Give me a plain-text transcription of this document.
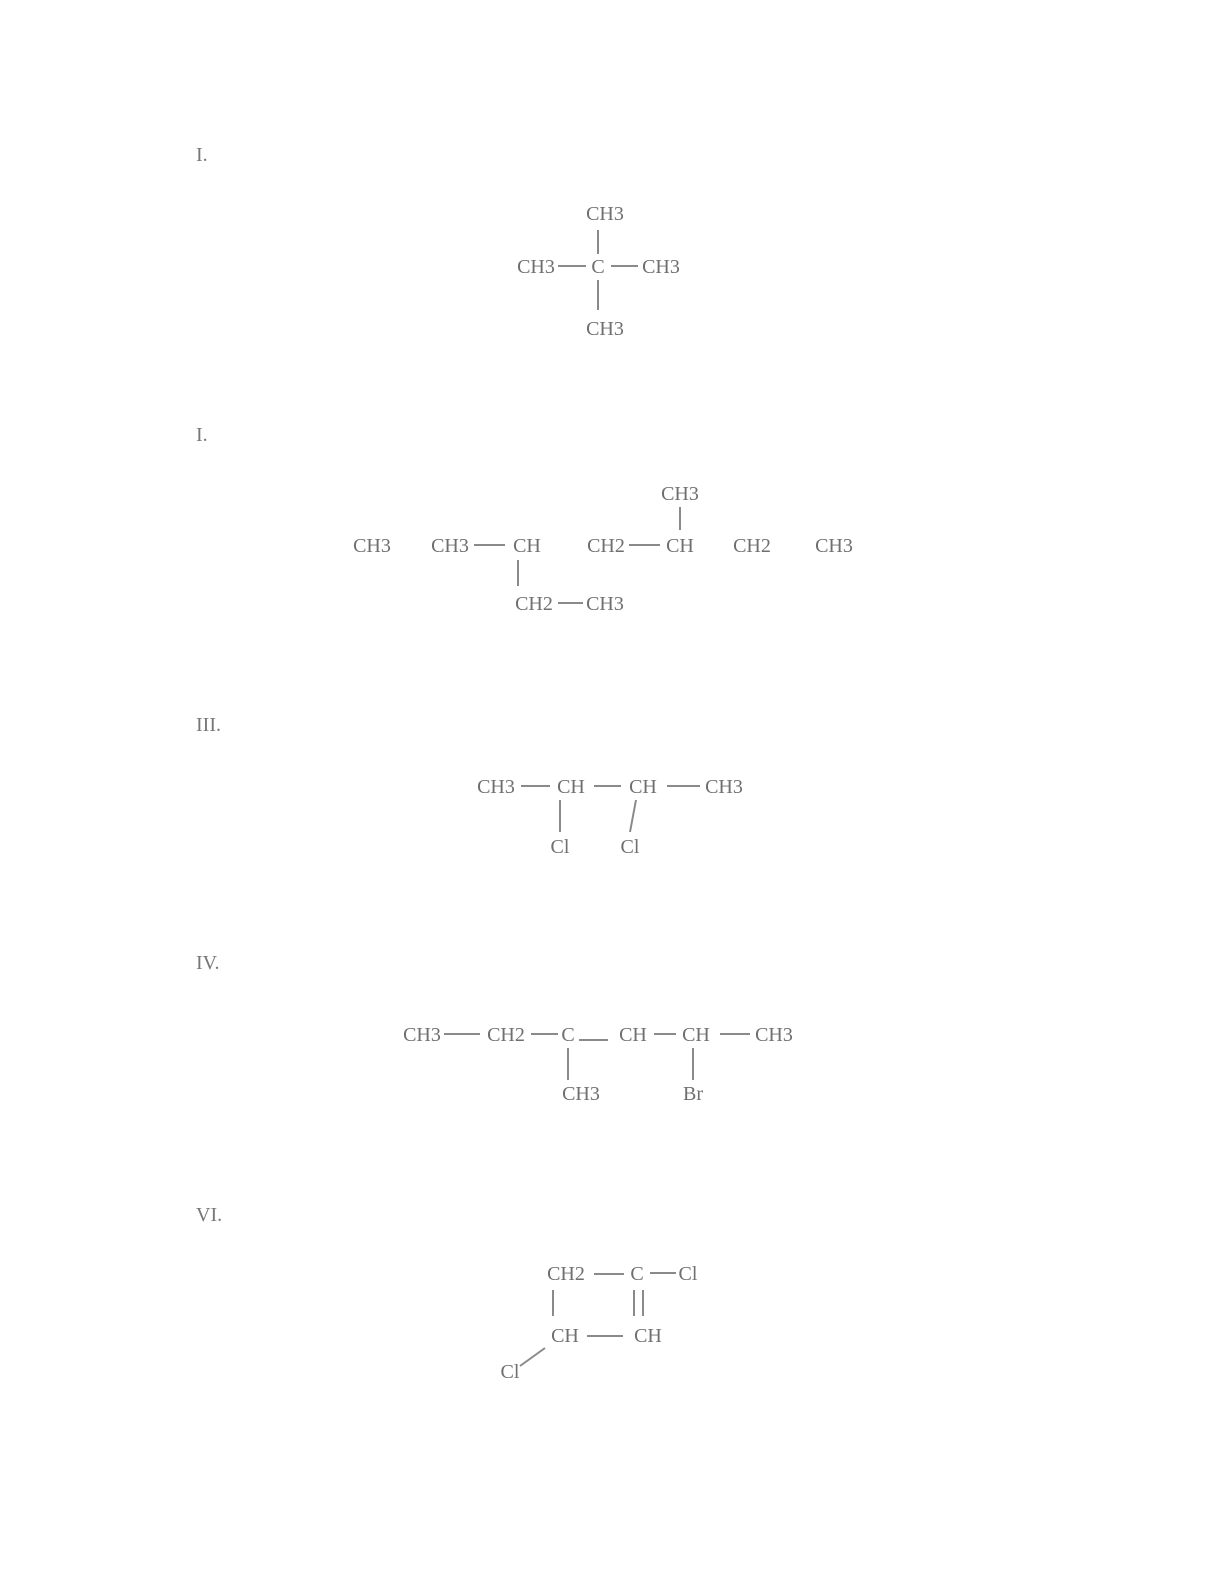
I.
I.
III.
IV.
VI.
CH3
CH3 C CH3
CH3
CH3 CH3 CH CH2 CH CH2 CH3
CH3
CH2 CH3
CH3 CH CH CH3
Cl	Cl
CH3 CH2 C CH CH CH3
CH3	Br
CH2 C Cl
CH	CH
Cl
